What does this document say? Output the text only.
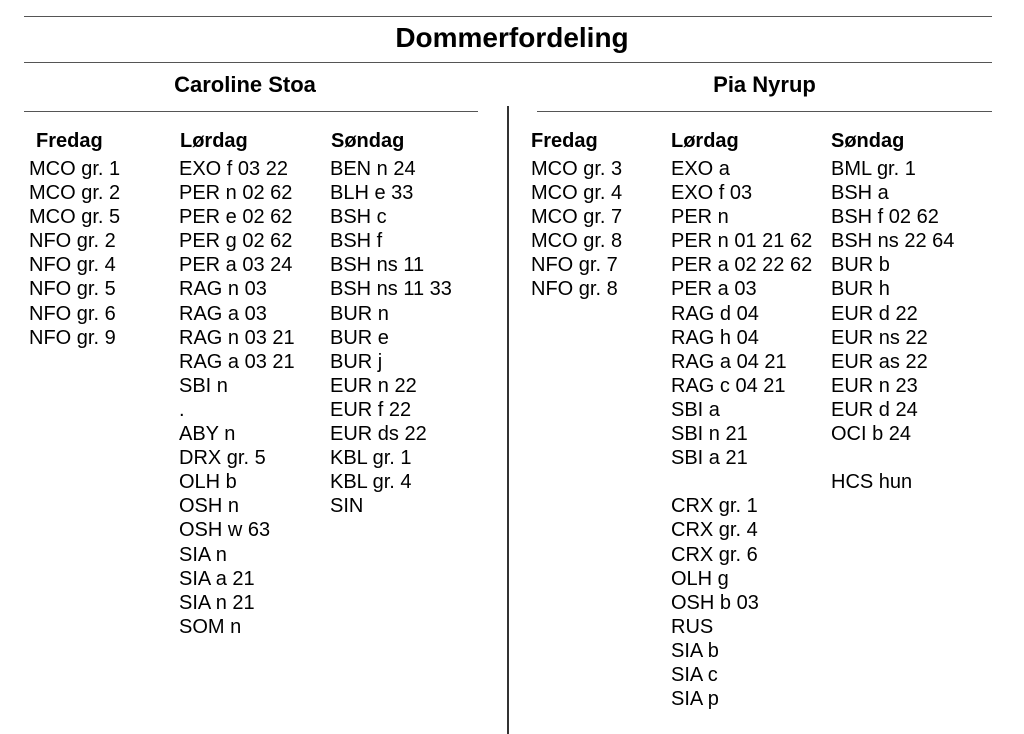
Dommerfordeling
Caroline Stoa
Fredag
MCO gr. 1
MCO gr. 2
MCO gr. 5
NFO gr. 2
NFO gr. 4
NFO gr. 5
NFO gr. 6
NFO gr. 9
Lørdag
EXO f 03 22
PER n 02 62
PER e 02 62
PER g 02 62
PER a 03 24
RAG n 03
RAG a 03
RAG n 03 21
RAG a 03 21
SBI n
.
ABY n
DRX gr. 5
OLH b
OSH n
OSH w 63
SIA n
SIA a 21
SIA n 21
SOM n
Søndag
BEN n 24
BLH e 33
BSH c
BSH f
BSH ns 11
BSH ns 11 33
BUR n
BUR e
BUR j
EUR n 22
EUR f 22
EUR ds 22
KBL gr. 1
KBL gr. 4
SIN
Pia Nyrup
Fredag
MCO gr. 3
MCO gr. 4
MCO gr. 7
MCO gr. 8
NFO gr. 7
NFO gr. 8
Lørdag
EXO a
EXO f 03
PER n
PER n 01 21 62
PER a 02 22 62
PER a 03
RAG d 04
RAG h 04
RAG a 04 21
RAG c 04 21
SBI a
SBI n 21
SBI a 21
CRX gr. 1
CRX gr. 4
CRX gr. 6
OLH g
OSH b 03
RUS
SIA b
SIA c
SIA p
Søndag
BML gr. 1
BSH a
BSH f 02 62
BSH ns 22 64
BUR b
BUR h
EUR d 22
EUR ns 22
EUR as 22
EUR n 23
EUR d 24
OCI b 24
HCS hun
